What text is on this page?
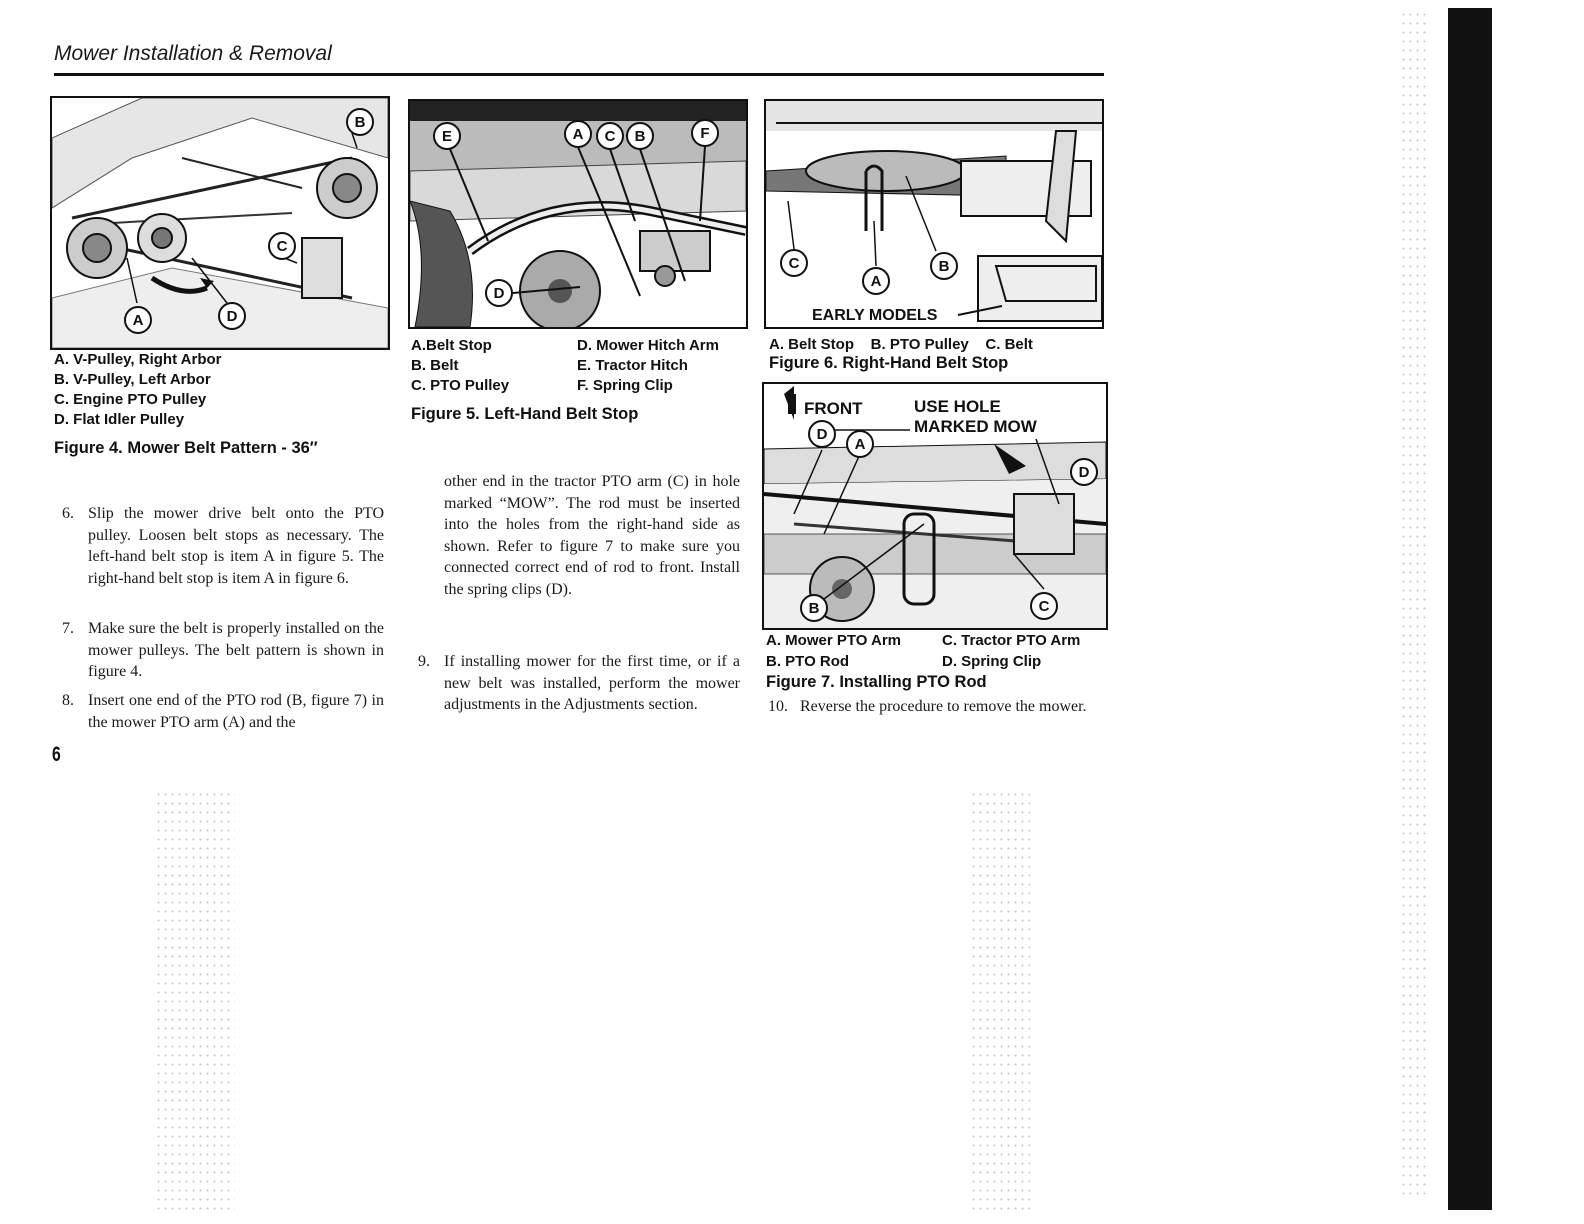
Mower Installation & Removal
B
C
A	D
A. V-Pulley, Right Arbor
B. V-Pulley, Left Arbor
C. Engine PTO Pulley
D. Flat Idler Pulley
Figure 4. Mower Belt Pattern - 36″
E	A C B	F
D
A.Belt Stop
B. Belt
C. PTO Pulley
D. Mower Hitch Arm
E. Tractor Hitch
F. Spring Clip
Figure 5. Left-Hand Belt Stop
C
A
B
EARLY MODELS
A. Belt Stop    B. PTO Pulley    C. Belt
Figure 6. Right-Hand Belt Stop
FRONT	USE HOLE
MARKED MOW
D
A
D
B	C
A. Mower PTO Arm
B. PTO Rod
C. Tractor PTO Arm
D. Spring Clip
Figure 7. Installing PTO Rod
6. Slip the mower drive belt onto the PTO pulley. Loosen belt stops as necessary. The left-hand belt stop is item A in figure 5. The right-hand belt stop is item A in figure 6.
7. Make sure the belt is properly installed on the mower pulleys. The belt pattern is shown in figure 4.
8. Insert one end of the PTO rod (B, figure 7) in the mower PTO arm (A) and the
other end in the tractor PTO arm (C) in hole marked “MOW”. The rod must be inserted into the holes from the right-hand side as shown. Refer to figure 7 to make sure you connected correct end of rod to front. Install the spring clips (D).
9. If installing mower for the first time, or if a new belt was installed, perform the mower adjustments in the Adjustments section.	10. Reverse the procedure to remove the mower.
6
